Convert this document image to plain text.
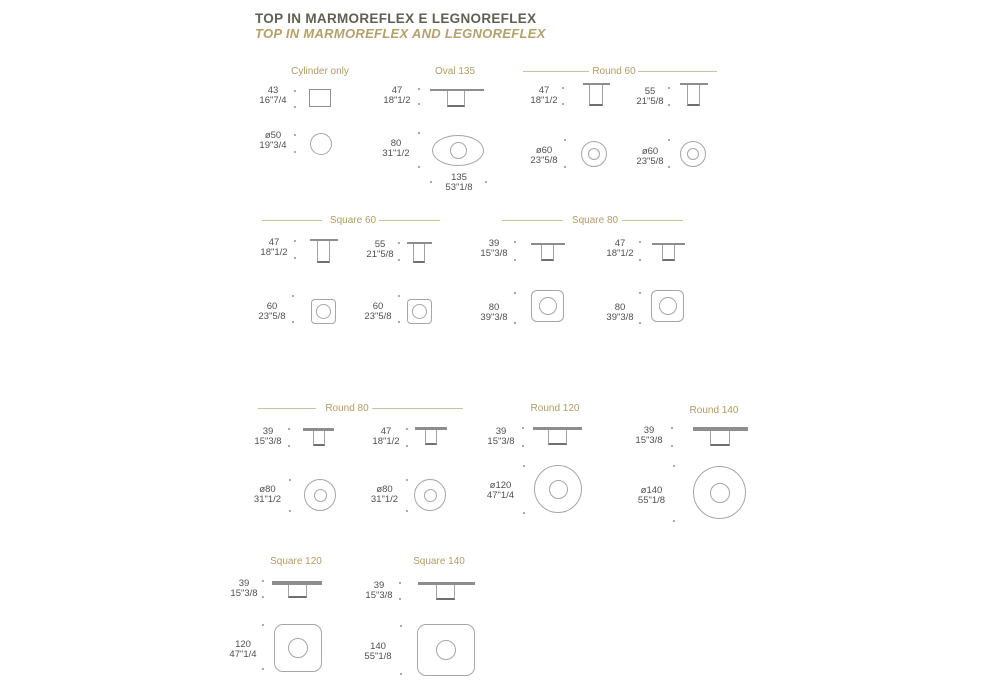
TOP IN MARMOREFLEX E LEGNOREFLEX
TOP IN MARMOREFLEX AND LEGNOREFLEX
Cylinder only
43
16"7/4
ø50
19"3/4
Oval 135
47
18"1/2
80
31"1/2
135
53"1/8
Round 60
47
18"1/2
ø60
23"5/8
55
21"5/8
ø60
23"5/8
Square 60
47
18"1/2
60
23"5/8
55
21"5/8
60
23"5/8
Square 80
39
15"3/8
80
39"3/8
47
18"1/2
80
39"3/8
Round 80
39
15"3/8
ø80
31"1/2
47
18"1/2
ø80
31"1/2
Round 120
39
15"3/8
ø120
47"1/4
Round 140
39
15"3/8
ø140
55"1/8
Square 120
39
15"3/8
120
47"1/4
Square 140
39
15"3/8
140
55"1/8
